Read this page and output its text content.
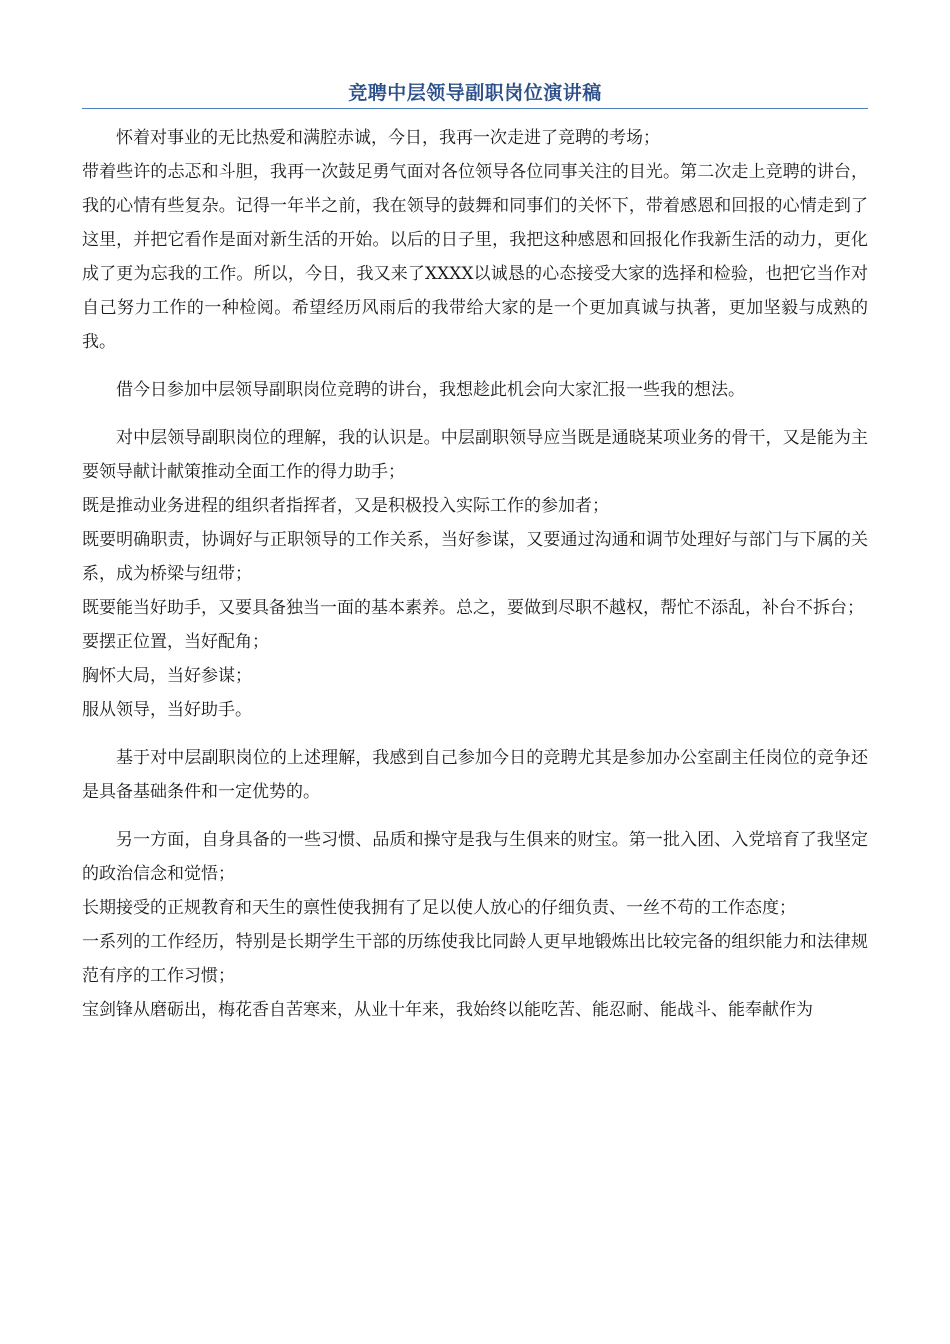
竞聘中层领导副职岗位演讲稿

怀着对事业的无比热爱和满腔赤诚，今日，我再一次走进了竞聘的考场；

带着些许的忐忑和斗胆，我再一次鼓足勇气面对各位领导各位同事关注的目光。第二次走上竞聘的讲台，我的心情有些复杂。记得一年半之前，我在领导的鼓舞和同事们的关怀下，带着感恩和回报的心情走到了这里，并把它看作是面对新生活的开始。以后的日子里，我把这种感恩和回报化作我新生活的动力，更化成了更为忘我的工作。所以，今日，我又来了XXXX以诚恳的心态接受大家的选择和检验，也把它当作对自己努力工作的一种检阅。希望经历风雨后的我带给大家的是一个更加真诚与执著，更加坚毅与成熟的我。

借今日参加中层领导副职岗位竞聘的讲台，我想趁此机会向大家汇报一些我的想法。

对中层领导副职岗位的理解，我的认识是。中层副职领导应当既是通晓某项业务的骨干，又是能为主要领导献计献策推动全面工作的得力助手；

既是推动业务进程的组织者指挥者，又是积极投入实际工作的参加者；

既要明确职责，协调好与正职领导的工作关系，当好参谋，又要通过沟通和调节处理好与部门与下属的关系，成为桥梁与纽带；

既要能当好助手，又要具备独当一面的基本素养。总之，要做到尽职不越权，帮忙不添乱，补台不拆台；

要摆正位置，当好配角；

胸怀大局，当好参谋；

服从领导，当好助手。

基于对中层副职岗位的上述理解，我感到自己参加今日的竞聘尤其是参加办公室副主任岗位的竞争还是具备基础条件和一定优势的。

另一方面，自身具备的一些习惯、品质和操守是我与生俱来的财宝。第一批入团、入党培育了我坚定的政治信念和觉悟；

长期接受的正规教育和天生的禀性使我拥有了足以使人放心的仔细负责、一丝不苟的工作态度；

一系列的工作经历，特别是长期学生干部的历练使我比同龄人更早地锻炼出比较完备的组织能力和法律规范有序的工作习惯；

宝剑锋从磨砺出，梅花香自苦寒来，从业十年来，我始终以能吃苦、能忍耐、能战斗、能奉献作为
